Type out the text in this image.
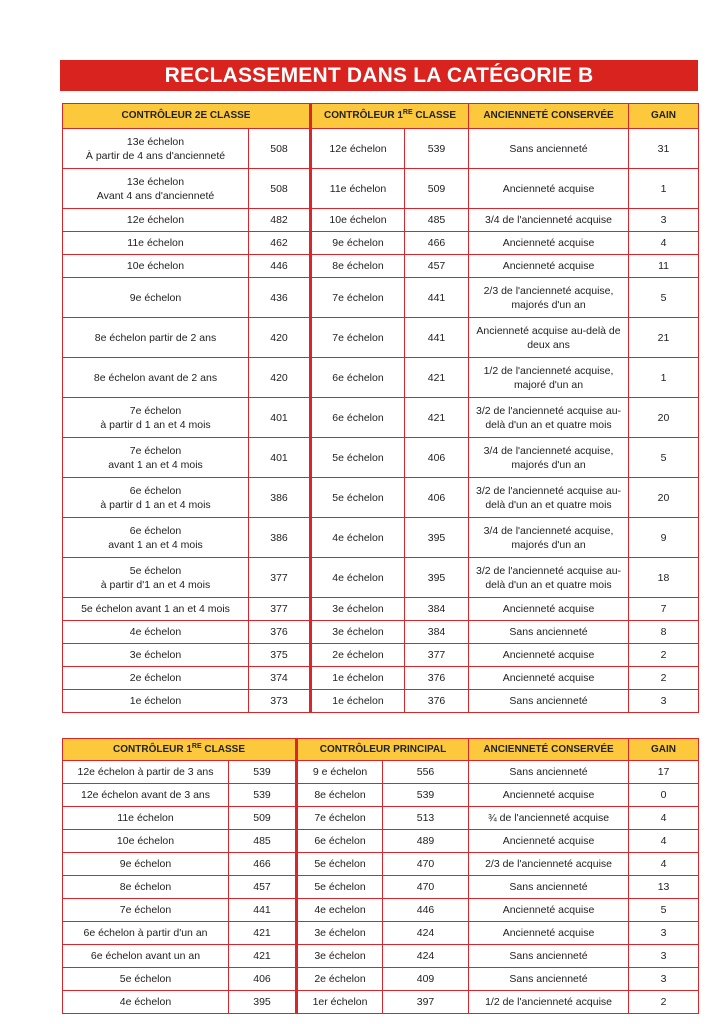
RECLASSEMENT DANS LA CATÉGORIE B
CONTRÔLEUR 2E CLASSE		CONTRÔLEUR 1RE CLASSE		ANCIENNETÉ CONSERVÉE	GAIN

13e échelon
À partir de 4 ans d'ancienneté	508	12e échelon	539	Sans ancienneté	31

13e échelon
Avant 4 ans d'ancienneté	508	11e échelon	509	Ancienneté acquise	1

12e échelon	482	10e échelon	485	3/4 de l'ancienneté acquise	3

11e échelon	462	9e échelon	466	Ancienneté acquise	4

10e échelon	446	8e échelon	457	Ancienneté acquise	11

9e échelon	436	7e échelon	441	2/3 de l'ancienneté acquise,
majorés d'un an	5

8e échelon partir de 2 ans	420	7e échelon	441	Ancienneté acquise au-delà de
deux ans	21

8e échelon avant de 2 ans	420	6e échelon	421	1/2 de l'ancienneté acquise,
majoré d'un an	1

7e échelon
à partir d 1 an et 4 mois	401	6e échelon	421	3/2 de l'ancienneté acquise au-
delà d'un an et quatre mois	20

7e échelon
avant 1 an et 4 mois	401	5e échelon	406	3/4 de l'ancienneté acquise,
majorés d'un an	5

6e échelon
à partir d 1 an et 4 mois	386	5e échelon	406	3/2 de l'ancienneté acquise au-
delà d'un an et quatre mois	20

6e échelon
avant 1 an et 4 mois	386	4e échelon	395	3/4 de l'ancienneté acquise,
majorés d'un an	9

5e échelon
à partir d'1 an et 4 mois	377	4e échelon	395	3/2 de l'ancienneté acquise au-
delà d'un an et quatre mois	18

5e échelon avant 1 an et 4 mois	377	3e échelon	384	Ancienneté acquise	7

4e échelon	376	3e échelon	384	Sans ancienneté	8

3e échelon	375	2e échelon	377	Ancienneté acquise	2

2e échelon	374	1e échelon	376	Ancienneté acquise	2

1e échelon	373	1e échelon	376	Sans ancienneté	3
CONTRÔLEUR 1RE CLASSE		CONTRÔLEUR PRINCIPAL		ANCIENNETÉ CONSERVÉE	GAIN

12e échelon à partir de 3 ans	539	9 e échelon	556	Sans ancienneté	17

12e échelon avant de 3 ans	539	8e échelon	539	Ancienneté acquise	0

11e échelon	509	7e échelon	513	¾ de l'ancienneté acquise	4

10e échelon	485	6e échelon	489	Ancienneté acquise	4

9e échelon	466	5e échelon	470	2/3 de l'ancienneté acquise	4

8e échelon	457	5e échelon	470	Sans ancienneté	13

7e échelon	441	4e echelon	446	Ancienneté acquise	5

6e échelon à partir d'un an	421	3e échelon	424	Ancienneté acquise	3

6e échelon avant un an	421	3e échelon	424	Sans ancienneté	3

5e échelon	406	2e échelon	409	Sans ancienneté	3

4e échelon	395	1er échelon	397	1/2 de l'ancienneté acquise	2
